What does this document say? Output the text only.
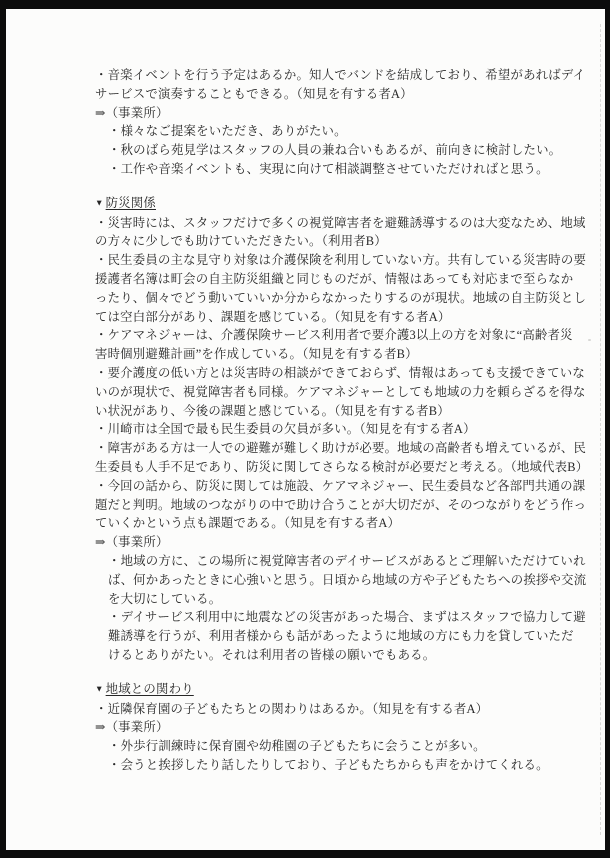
・音楽イベントを行う予定はあるか。知人でバンドを結成しており、希望があればデイ
サービスで演奏することもできる。（知見を有する者A）
⇒（事業所）
・様々なご提案をいただき、ありがたい。
・秋のばら苑見学はスタッフの人員の兼ね合いもあるが、前向きに検討したい。
・工作や音楽イベントも、実現に向けて相談調整させていただければと思う。
▼ 防災関係
・災害時には、スタッフだけで多くの視覚障害者を避難誘導するのは大変なため、地域
の方々に少しでも助けていただきたい。（利用者B）
・民生委員の主な見守り対象は介護保険を利用していない方。共有している災害時の要
援護者名簿は町会の自主防災組織と同じものだが、情報はあっても対応まで至らなか
ったり、個々でどう動いていいか分からなかったりするのが現状。地域の自主防災とし
ては空白部分があり、課題を感じている。（知見を有する者A）
・ケアマネジャーは、介護保険サービス利用者で要介護3以上の方を対象に“高齢者災
害時個別避難計画”を作成している。（知見を有する者B）
・要介護度の低い方とは災害時の相談ができておらず、情報はあっても支援できていな
いのが現状で、視覚障害者も同様。ケアマネジャーとしても地域の力を頼らざるを得な
い状況があり、今後の課題と感じている。（知見を有する者B）
・川崎市は全国で最も民生委員の欠員が多い。（知見を有する者A）
・障害がある方は一人での避難が難しく助けが必要。地域の高齢者も増えているが、民
生委員も人手不足であり、防災に関してさらなる検討が必要だと考える。（地域代表B）
・今回の話から、防災に関しては施設、ケアマネジャー、民生委員など各部門共通の課
題だと判明。地域のつながりの中で助け合うことが大切だが、そのつながりをどう作っ
ていくかという点も課題である。（知見を有する者A）
⇒（事業所）
・地域の方に、この場所に視覚障害者のデイサービスがあるとご理解いただけていれ
ば、何かあったときに心強いと思う。日頃から地域の方や子どもたちへの挨拶や交流
を大切にしている。
・デイサービス利用中に地震などの災害があった場合、まずはスタッフで協力して避
難誘導を行うが、利用者様からも話があったように地域の方にも力を貸していただ
けるとありがたい。それは利用者の皆様の願いでもある。
▼ 地域との関わり
・近隣保育園の子どもたちとの関わりはあるか。（知見を有する者A）
⇒（事業所）
・外歩行訓練時に保育園や幼稚園の子どもたちに会うことが多い。
・会うと挨拶したり話したりしており、子どもたちからも声をかけてくれる。
